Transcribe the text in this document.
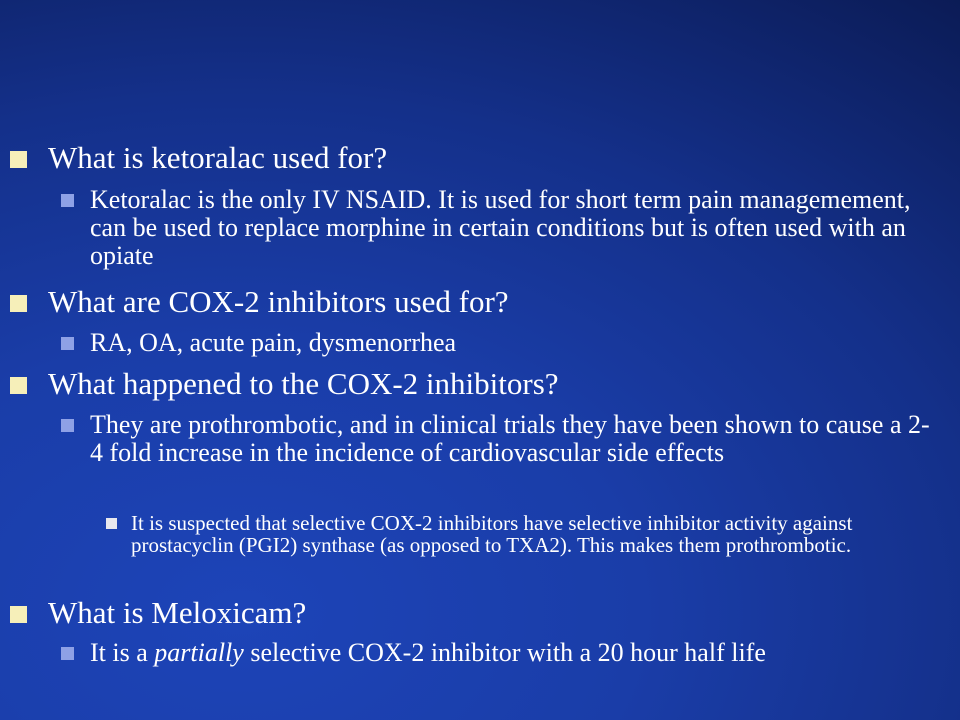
What is ketoralac used for?
Ketoralac is the only IV NSAID. It is used for short term pain managemement, can be used to replace morphine in certain conditions but is often used with an opiate
What are COX-2 inhibitors used for?
RA, OA, acute pain, dysmenorrhea
What happened to the COX-2 inhibitors?
They are prothrombotic, and in clinical trials they have been shown to cause a 2-4 fold increase in the incidence of cardiovascular side effects
It is suspected that selective COX-2 inhibitors have selective inhibitor activity against prostacyclin (PGI2) synthase (as opposed to TXA2). This makes them prothrombotic.
What is Meloxicam?
It is a partially selective COX-2 inhibitor with a 20 hour half life
